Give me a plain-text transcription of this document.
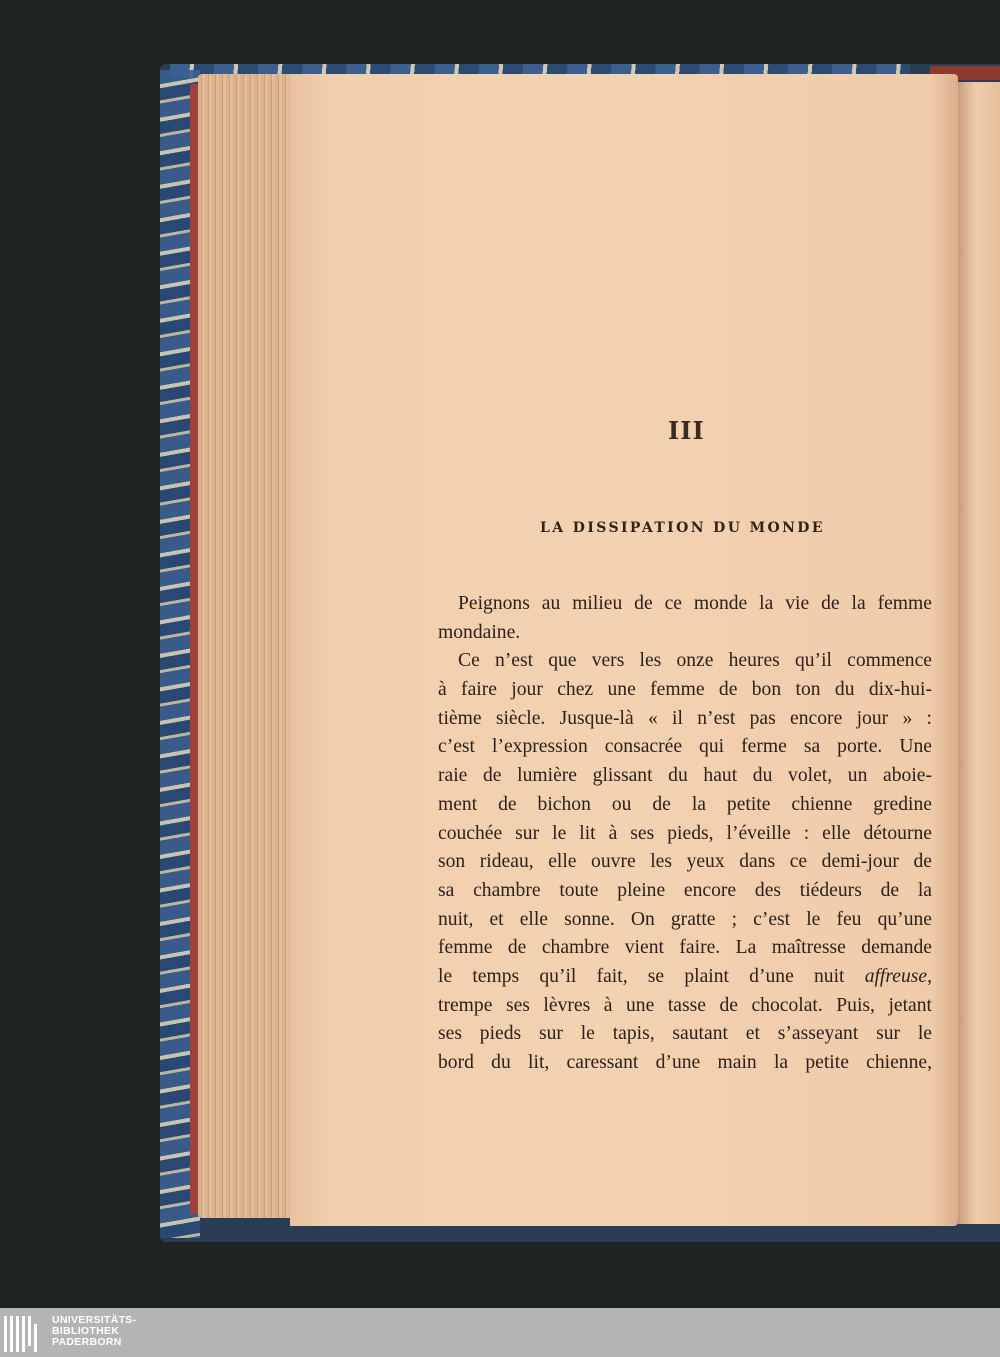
III
LA DISSIPATION DU MONDE
Peignons au milieu de ce monde la vie de la femme
mondaine.
Ce n’est que vers les onze heures qu’il commence
à faire jour chez une femme de bon ton du dix-hui-
tième siècle. Jusque-là « il n’est pas encore jour » :
c’est l’expression consacrée qui ferme sa porte. Une
raie de lumière glissant du haut du volet, un aboie-
ment de bichon ou de la petite chienne gredine
couchée sur le lit à ses pieds, l’éveille : elle détourne
son rideau, elle ouvre les yeux dans ce demi-jour de
sa chambre toute pleine encore des tiédeurs de la
nuit, et elle sonne. On gratte ; c’est le feu qu’une
femme de chambre vient faire. La maîtresse demande
le temps qu’il fait, se plaint d’une nuit affreuse,
trempe ses lèvres à une tasse de chocolat. Puis, jetant
ses pieds sur le tapis, sautant et s’asseyant sur le
bord du lit, caressant d’une main la petite chienne,
UNIVERSITÄTS-
BIBLIOTHEK
PADERBORN
